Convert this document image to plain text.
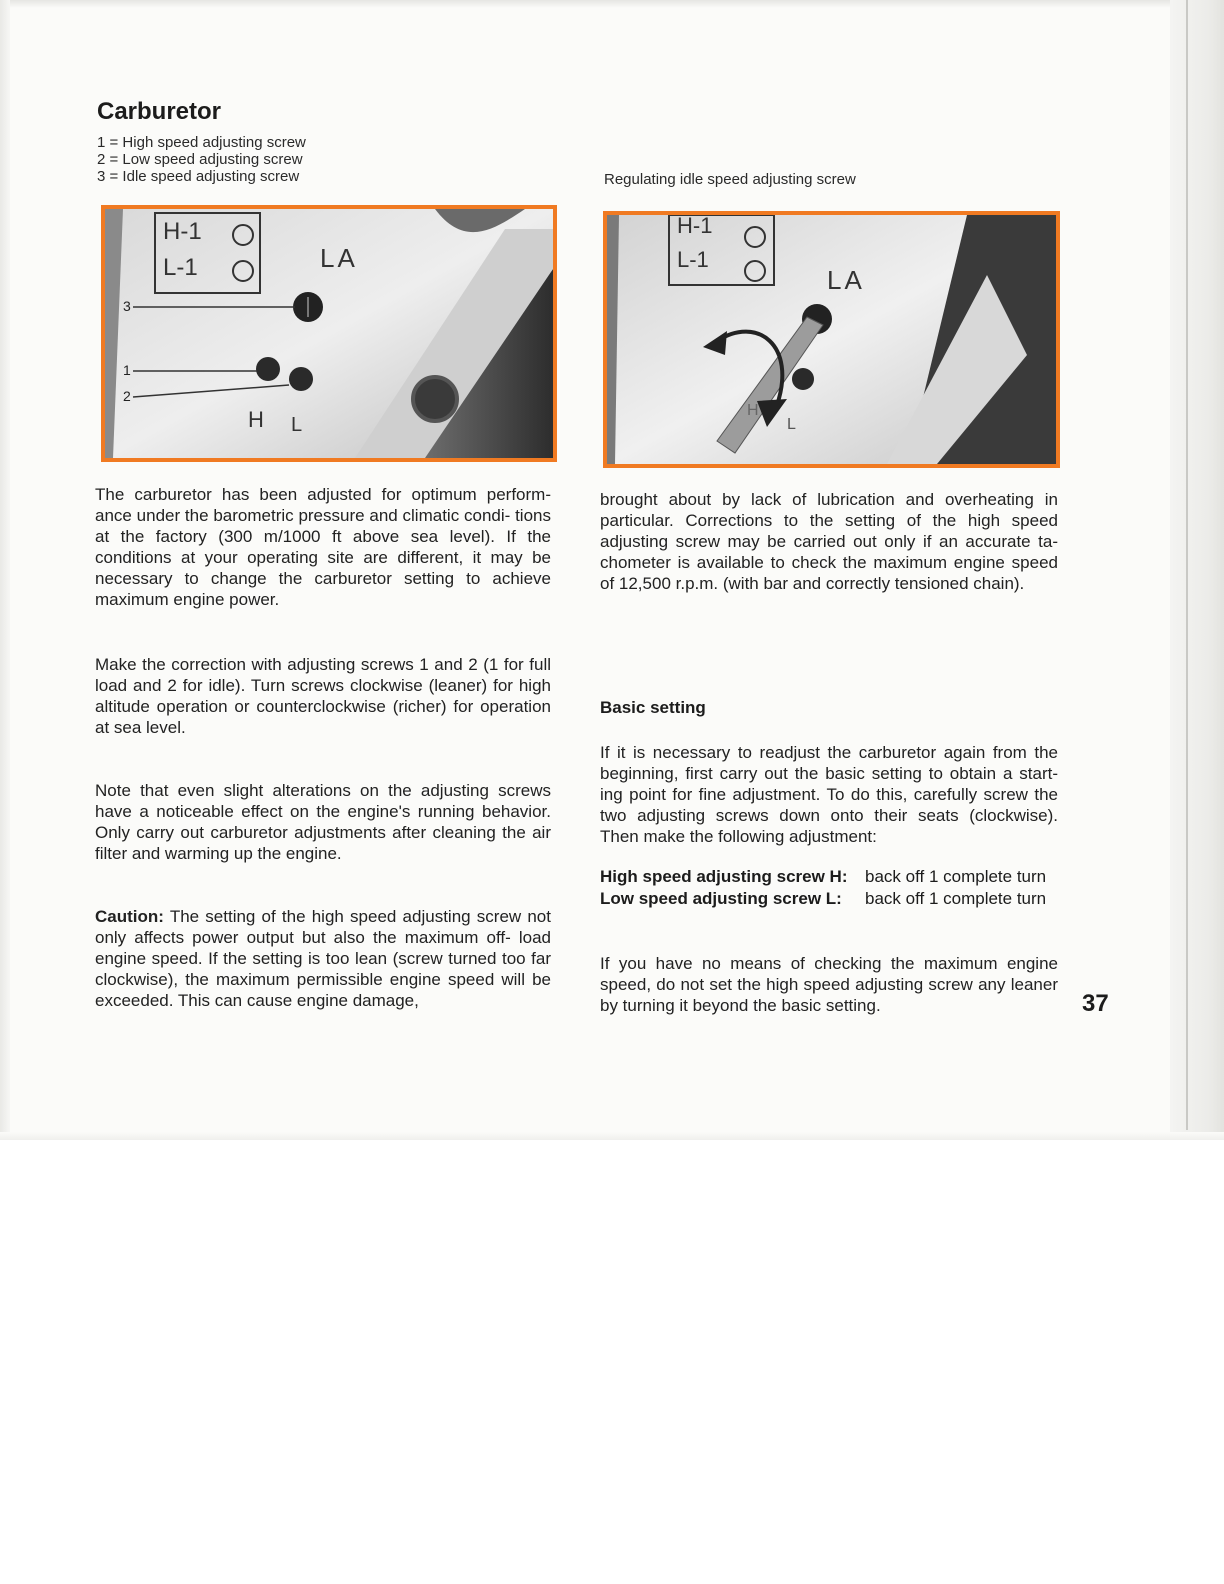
Carburetor
1 = High speed adjusting screw
2 = Low speed adjusting screw
3 = Idle speed adjusting screw	Regulating idle speed adjusting screw
H-1
L-1	LA
3
1
2
H L
H-1
L-1
LA
H
L

The carburetor has been adjusted for optimum perform- ance under the barometric pressure and climatic condi- tions at the factory (300 m/1000 ft above sea level). If the conditions at your operating site are different, it may be necessary to change the carburetor setting to achieve maximum engine power.

Make the correction with adjusting screws 1 and 2 (1 for full load and 2 for idle). Turn screws clockwise (leaner) for high altitude operation or counterclockwise (richer) for operation at sea level.

Note that even slight alterations on the adjusting screws have a noticeable effect on the engine's running behavior. Only carry out carburetor adjustments after cleaning the air filter and warming up the engine.

Caution: The setting of the high speed adjusting screw not only affects power output but also the maximum off- load engine speed. If the setting is too lean (screw turned too far clockwise), the maximum permissible engine speed will be exceeded. This can cause engine damage,

brought about by lack of lubrication and overheating in particular. Corrections to the setting of the high speed adjusting screw may be carried out only if an accurate ta- chometer is available to check the maximum engine speed of 12,500 r.p.m. (with bar and correctly tensioned chain).

Basic setting

If it is necessary to readjust the carburetor again from the beginning, first carry out the basic setting to obtain a start- ing point for fine adjustment. To do this, carefully screw the two adjusting screws down onto their seats (clockwise). Then make the following adjustment:

High speed adjusting screw H: back off 1 complete turn
Low speed adjusting screw L: back off 1 complete turn

If you have no means of checking the maximum engine speed, do not set the high speed adjusting screw any leaner by turning it beyond the basic setting.	37
